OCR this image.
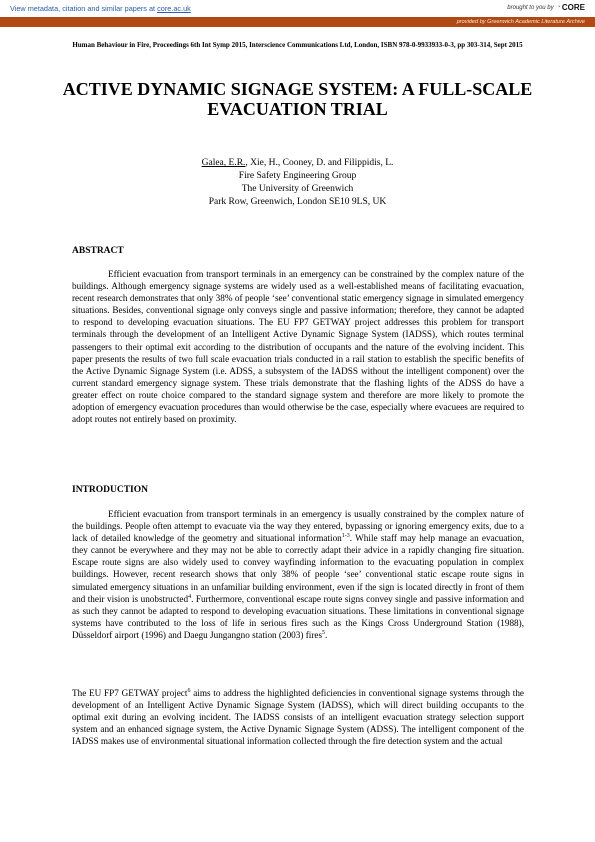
View metadata, citation and similar papers at core.ac.uk	brought to you by ◔ CORE
provided by Greenwich Academic Literature Archive
Human Behaviour in Fire, Proceedings 6th Int Symp 2015, Interscience Communications Ltd, London, ISBN 978-0-9933933-0-3, pp 303-314, Sept 2015
ACTIVE DYNAMIC SIGNAGE SYSTEM: A FULL-SCALE EVACUATION TRIAL
Galea, E.R., Xie, H., Cooney, D. and Filippidis, L.
Fire Safety Engineering Group
The University of Greenwich
Park Row, Greenwich, London SE10 9LS, UK
ABSTRACT
Efficient evacuation from transport terminals in an emergency can be constrained by the complex nature of the buildings. Although emergency signage systems are widely used as a well-established means of facilitating evacuation, recent research demonstrates that only 38% of people ‘see’ conventional static emergency signage in simulated emergency situations. Besides, conventional signage only conveys single and passive information; therefore, they cannot be adapted to respond to developing evacuation situations. The EU FP7 GETWAY project addresses this problem for transport terminals through the development of an Intelligent Active Dynamic Signage System (IADSS), which routes terminal passengers to their optimal exit according to the distribution of occupants and the nature of the evolving incident. This paper presents the results of two full scale evacuation trials conducted in a rail station to establish the specific benefits of the Active Dynamic Signage System (i.e. ADSS, a subsystem of the IADSS without the intelligent component) over the current standard emergency signage system. These trials demonstrate that the flashing lights of the ADSS do have a greater effect on route choice compared to the standard signage system and therefore are more likely to promote the adoption of emergency evacuation procedures than would otherwise be the case, especially where evacuees are required to adopt routes not entirely based on proximity.
INTRODUCTION
Efficient evacuation from transport terminals in an emergency is usually constrained by the complex nature of the buildings. People often attempt to evacuate via the way they entered, bypassing or ignoring emergency exits, due to a lack of detailed knowledge of the geometry and situational information$^{1-3}$. While staff may help manage an evacuation, they cannot be everywhere and they may not be able to correctly adapt their advice in a rapidly changing fire situation. Escape route signs are also widely used to convey wayfinding information to the evacuating population in complex buildings. However, recent research shows that only 38% of people ‘see’ conventional static escape route signs in simulated emergency situations in an unfamiliar building environment, even if the sign is located directly in front of them and their vision is unobstructed$^4$. Furthermore, conventional escape route signs convey single and passive information and as such they cannot be adapted to respond to developing evacuation situations. These limitations in conventional signage systems have contributed to the loss of life in serious fires such as the Kings Cross Underground Station (1988), Düsseldorf airport (1996) and Daegu Jungangno station (2003) fires$^5$.
The EU FP7 GETWAY project$^6$ aims to address the highlighted deficiencies in conventional signage systems through the development of an Intelligent Active Dynamic Signage System (IADSS), which will direct building occupants to the optimal exit during an evolving incident. The IADSS consists of an intelligent evacuation strategy selection support system and an enhanced signage system, the Active Dynamic Signage System (ADSS). The intelligent component of the IADSS makes use of environmental situational information collected through the fire detection system and the actual
